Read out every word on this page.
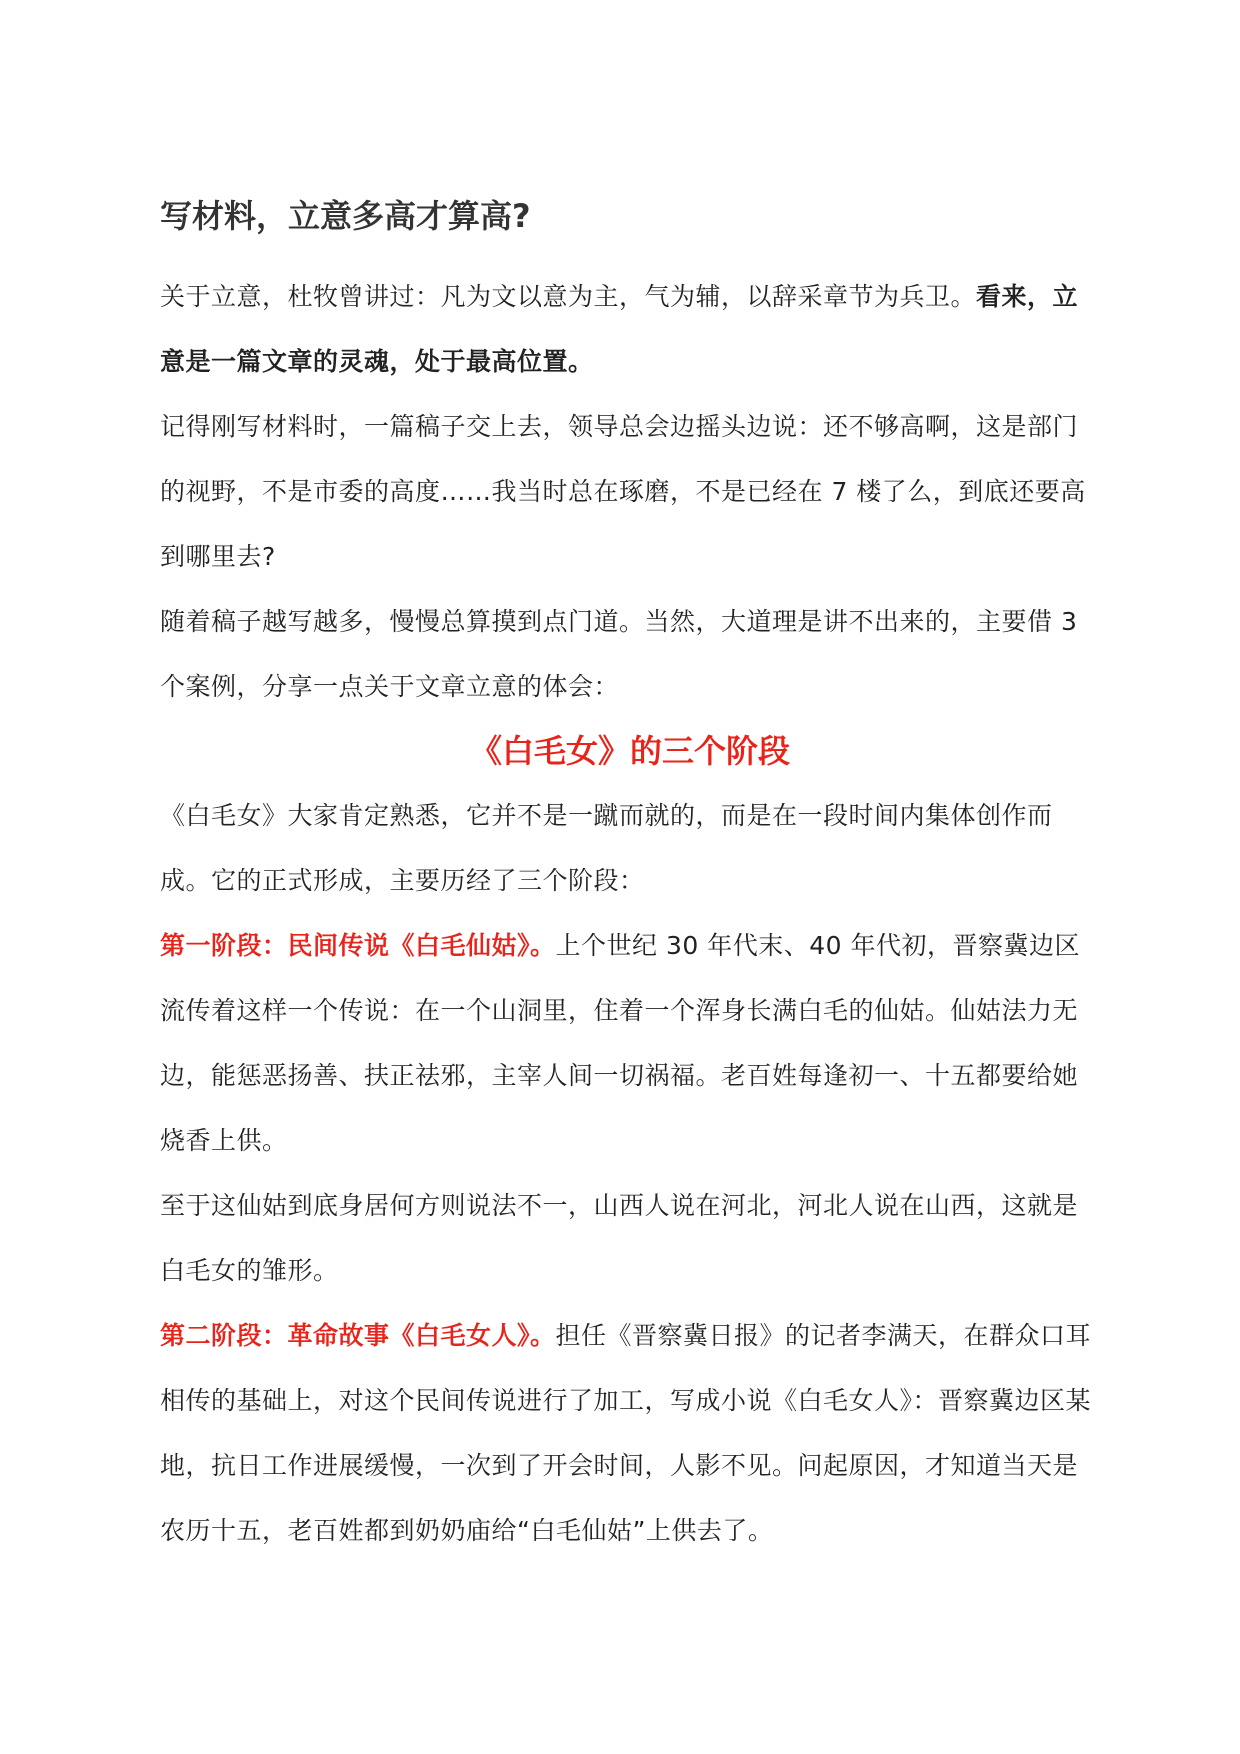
写材料，立意多高才算高?

关于立意，杜牧曾讲过：凡为文以意为主，气为辅，以辞采章节为兵卫。看来，立意是一篇文章的灵魂，处于最高位置。

记得刚写材料时，一篇稿子交上去，领导总会边摇头边说：还不够高啊，这是部门的视野，不是市委的高度……我当时总在琢磨，不是已经在 7 楼了么，到底还要高到哪里去?

随着稿子越写越多，慢慢总算摸到点门道。当然，大道理是讲不出来的，主要借 3 个案例，分享一点关于文章立意的体会：

《白毛女》的三个阶段

《白毛女》大家肯定熟悉，它并不是一蹴而就的，而是在一段时间内集体创作而成。它的正式形成，主要历经了三个阶段：

第一阶段：民间传说《白毛仙姑》。上个世纪 30 年代末、40 年代初，晋察冀边区流传着这样一个传说：在一个山洞里，住着一个浑身长满白毛的仙姑。仙姑法力无边，能惩恶扬善、扶正祛邪，主宰人间一切祸福。老百姓每逢初一、十五都要给她烧香上供。

至于这仙姑到底身居何方则说法不一，山西人说在河北，河北人说在山西，这就是白毛女的雏形。

第二阶段：革命故事《白毛女人》。担任《晋察冀日报》的记者李满天，在群众口耳相传的基础上，对这个民间传说进行了加工，写成小说《白毛女人》：晋察冀边区某地，抗日工作进展缓慢，一次到了开会时间，人影不见。问起原因，才知道当天是农历十五，老百姓都到奶奶庙给“白毛仙姑”上供去了。
